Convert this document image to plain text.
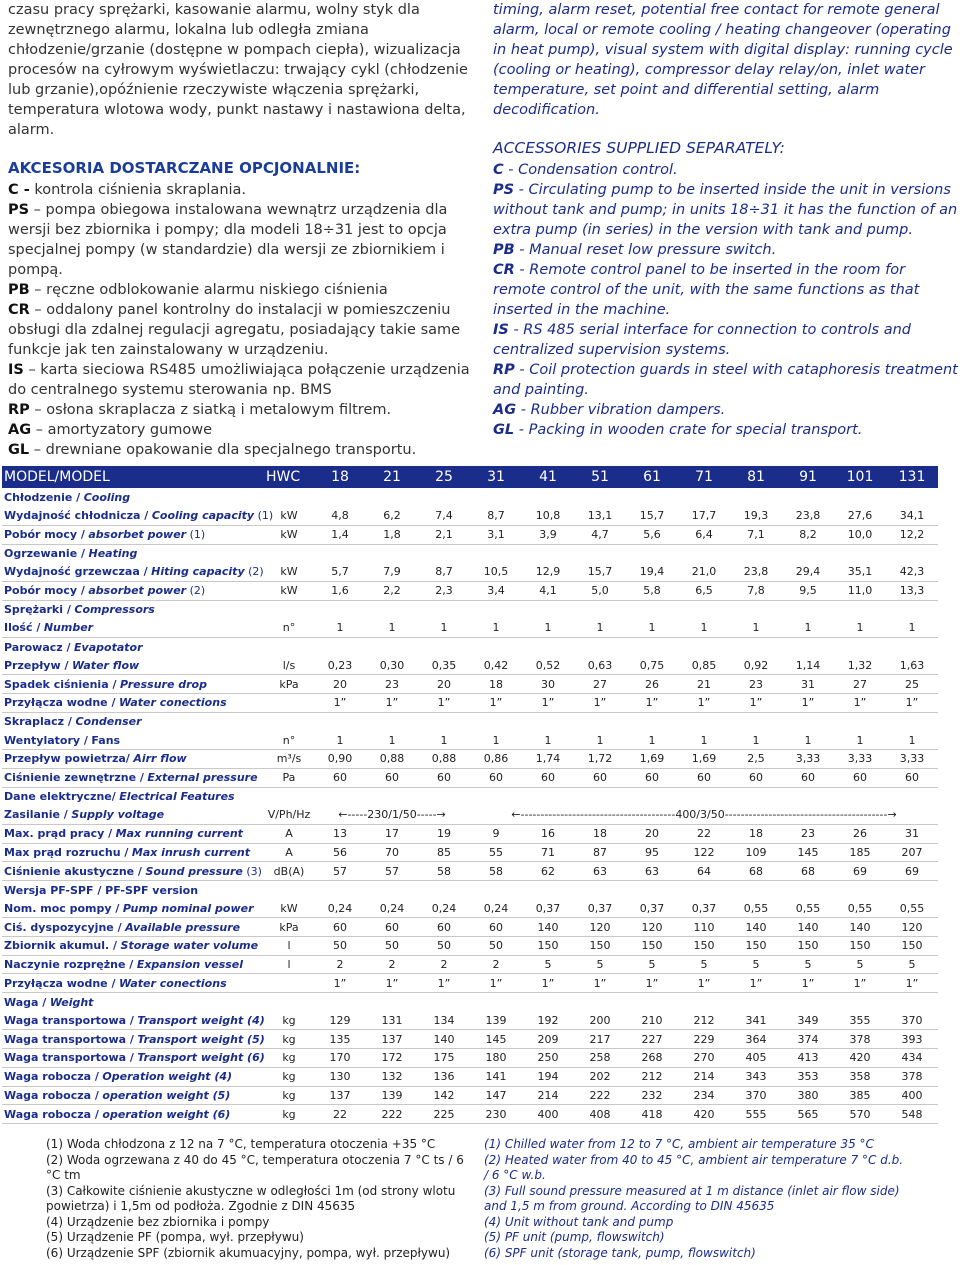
czasu pracy sprężarki, kasowanie alarmu, wolny styk dla zewnętrznego alarmu, lokalna lub odległa zmiana chłodzenie/grzanie (dostępne w pompach ciepła), wizualizacja procesów na cyłrowym wyświetlaczu: trwający cykl (chłodzenie lub grzanie),opóźnienie rzeczywiste włączenia sprężarki, temperatura wlotowa wody, punkt nastawy i nastawiona delta, alarm.
AKCESORIA DOSTARCZANE OPCJONALNIE:
C - kontrola ciśnienia skraplania.
PS – pompa obiegowa instalowana wewnątrz urządzenia dla wersji bez zbiornika i pompy; dla modeli 18÷31 jest to opcja specjalnej pompy (w standardzie) dla wersji ze zbiornikiem i pompą.
PB – ręczne odblokowanie alarmu niskiego ciśnienia
CR – oddalony panel kontrolny do instalacji w pomieszczeniu obsługi dla zdalnej regulacji agregatu, posiadający takie same funkcje jak ten zainstalowany w urządzeniu.
IS – karta sieciowa RS485 umożliwiająca połączenie urządzenia do centralnego systemu sterowania np. BMS
RP – osłona skraplacza z siatką i metalowym filtrem.
AG – amortyzatory gumowe
GL – drewniane opakowanie dla specjalnego transportu.
timing, alarm reset, potential free contact for remote general alarm, local or remote cooling / heating changeover (operating in heat pump), visual system with digital display: running cycle (cooling or heating), compressor delay relay/on, inlet water temperature, set point and differential setting, alarm decodification.
ACCESSORIES SUPPLIED SEPARATELY:
C - Condensation control.
PS - Circulating pump to be inserted inside the unit in versions without tank and pump; in units 18÷31 it has the function of an extra pump (in series) in the version with tank and pump.
PB - Manual reset low pressure switch.
CR - Remote control panel to be inserted in the room for remote control of the unit, with the same functions as that inserted in the machine.
IS - RS 485 serial interface for connection to controls and centralized supervision systems.
RP - Coil protection guards in steel with cataphoresis treatment and painting.
AG - Rubber vibration dampers.
GL - Packing in wooden crate for special transport.
MODEL/MODEL	HWC	18	21	25	31	41	51	61	71	81	91	101	131
Chłodzenie / Cooling													
Wydajność chłodnicza / Cooling capacity (1)	kW	4,8	6,2	7,4	8,7	10,8	13,1	15,7	17,7	19,3	23,8	27,6	34,1
Pobór mocy / absorbet power (1)	kW	1,4	1,8	2,1	3,1	3,9	4,7	5,6	6,4	7,1	8,2	10,0	12,2
Ogrzewanie / Heating													
Wydajność grzewczaa / Hiting capacity (2)	kW	5,7	7,9	8,7	10,5	12,9	15,7	19,4	21,0	23,8	29,4	35,1	42,3
Pobór mocy / absorbet power (2)	kW	1,6	2,2	2,3	3,4	4,1	5,0	5,8	6,5	7,8	9,5	11,0	13,3
Sprężarki / Compressors													
Ilość / Number	n°	1	1	1	1	1	1	1	1	1	1	1	1
Parowacz / Evapotator													
Przepływ / Water flow	l/s	0,23	0,30	0,35	0,42	0,52	0,63	0,75	0,85	0,92	1,14	1,32	1,63
Spadek ciśnienia / Pressure drop	kPa	20	23	20	18	30	27	26	21	23	31	27	25
Przyłącza wodne / Water conections		1”	1”	1”	1”	1”	1”	1”	1”	1”	1”	1”	1”
Skraplacz / Condenser													
Wentylatory / Fans	n°	1	1	1	1	1	1	1	1	1	1	1	1
Przepływ powietrza/ Airr flow	m³/s	0,90	0,88	0,88	0,86	1,74	1,72	1,69	1,69	2,5	3,33	3,33	3,33
Ciśnienie zewnętrzne / External pressure	Pa	60	60	60	60	60	60	60	60	60	60	60	60
Dane elektryczne/ Electrical Features													
Zasilanie / Supply voltage	V/Ph/Hz	←-----230/1/50-----→			←---------------------------------------400/3/50-----------------------------------------→								
Max. prąd pracy / Max running current	A	13	17	19	9	16	18	20	22	18	23	26	31
Max prąd rozruchu / Max inrush current	A	56	70	85	55	71	87	95	122	109	145	185	207
Ciśnienie akustyczne / Sound pressure (3)	dB(A)	57	57	58	58	62	63	63	64	68	68	69	69
Wersja PF-SPF / PF-SPF version													
Nom. moc pompy / Pump nominal power	kW	0,24	0,24	0,24	0,24	0,37	0,37	0,37	0,37	0,55	0,55	0,55	0,55
Ciś. dyspozycyjne / Available pressure	kPa	60	60	60	60	140	120	120	110	140	140	140	120
Zbiornik akumul. / Storage water volume	l	50	50	50	50	150	150	150	150	150	150	150	150
Naczynie rozprężne / Expansion vessel	l	2	2	2	2	5	5	5	5	5	5	5	5
Przyłącza wodne / Water conections		1”	1”	1”	1”	1”	1”	1”	1”	1”	1”	1”	1”
Waga / Weight													
Waga transportowa / Transport weight (4)	kg	129	131	134	139	192	200	210	212	341	349	355	370
Waga transportowa / Transport weight (5)	kg	135	137	140	145	209	217	227	229	364	374	378	393
Waga transportowa / Transport weight (6)	kg	170	172	175	180	250	258	268	270	405	413	420	434
Waga robocza / Operation weight (4)	kg	130	132	136	141	194	202	212	214	343	353	358	378
Waga robocza / operation weight (5)	kg	137	139	142	147	214	222	232	234	370	380	385	400
Waga robocza / operation weight (6)	kg	22	222	225	230	400	408	418	420	555	565	570	548
(1) Woda chłodzona z 12 na 7 °C, temperatura otoczenia +35 °C
(2) Woda ogrzewana z 40 do 45 °C, temperatura otoczenia 7 °C ts / 6 °C tm
(3) Całkowite ciśnienie akustyczne w odległości 1m (od strony wlotu powietrza) i 1,5m od podłoża. Zgodnie z DIN 45635
(4) Urządzenie bez zbiornika i pompy
(5) Urządzenie PF (pompa, wył. przepływu)
(6) Urządzenie SPF (zbiornik akumuacyjny, pompa, wył. przepływu)
(1) Chilled water from 12 to 7 °C, ambient air temperature 35 °C
(2) Heated water from 40 to 45 °C, ambient air temperature 7 °C d.b. / 6 °C w.b.
(3) Full sound pressure measured at 1 m distance (inlet air flow side) and 1,5 m from ground. According to DIN 45635
(4) Unit without tank and pump
(5) PF unit (pump, flowswitch)
(6) SPF unit (storage tank, pump, flowswitch)
